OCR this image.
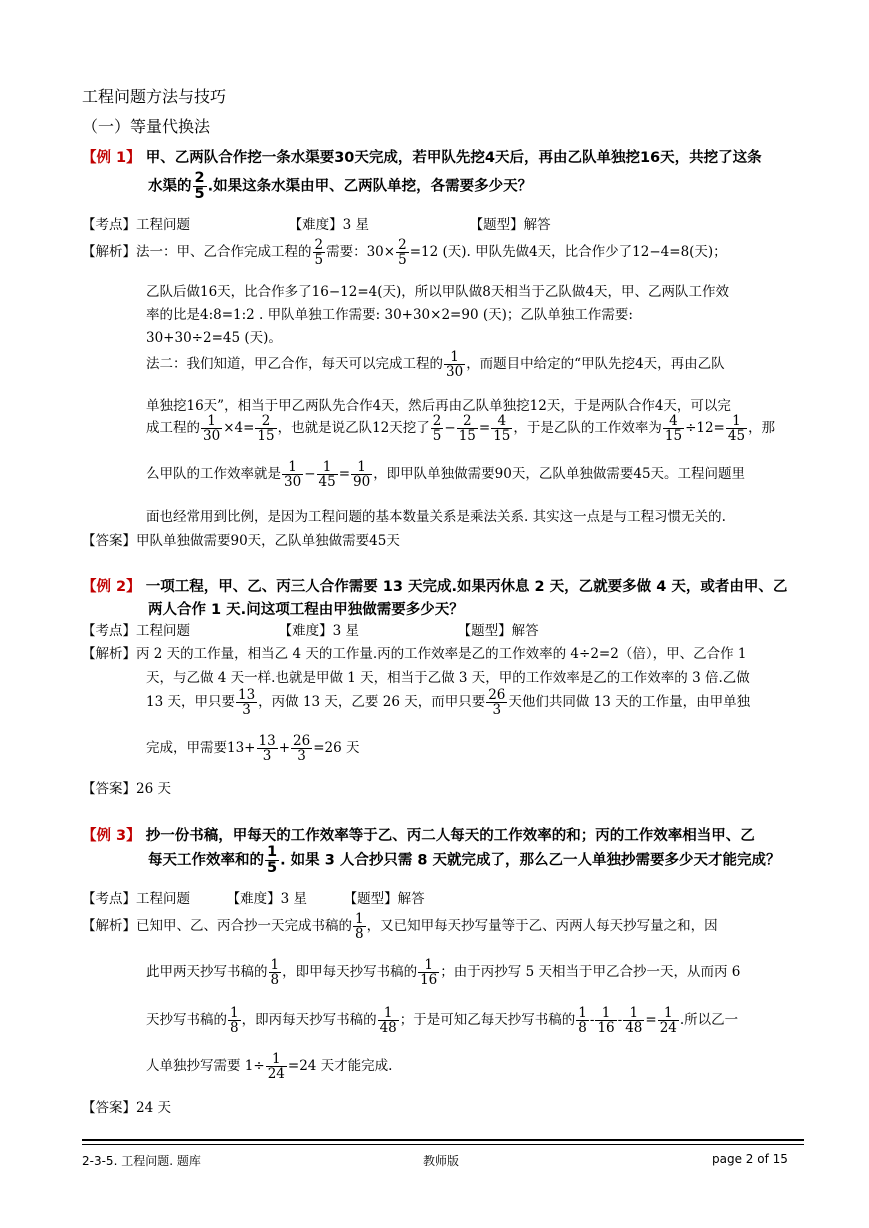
工程问题方法与技巧
（一）等量代换法
【例 1】 甲、乙两队合作挖一条水渠要30天完成，若甲队先挖4天后，再由乙队单独挖16天，共挖了这条
水渠的 $\frac{2}{5}$ .如果这条水渠由甲、乙两队单挖，各需要多少天？
【考点】工程问题	【难度】3 星	【题型】解答
【解析】法一：甲、乙合作完成工程的 $\frac{2}{5}$ 需要：$30\times \frac{2}{5} =12$ (天). 甲队先做4天，比合作少了12−4=8(天)；
乙队后做16天，比合作多了16−12=4(天)，所以甲队做8天相当于乙队做4天，甲、乙两队工作效
率的比是4:8=1:2 . 甲队单独工作需要: 30+30×2=90 (天)；乙队单独工作需要:
30+30÷2=45 (天)。
法二：我们知道，甲乙合作，每天可以完成工程的 $\frac{1}{30}$ ，而题目中给定的“甲队先挖4天，再由乙队
单独挖16天”，相当于甲乙两队先合作4天，然后再由乙队单独挖12天，于是两队合作4天，可以完
成工程的 $\frac{1}{30} \times 4= \frac{2}{15}$ ，也就是说乙队12天挖了 $\frac{2}{5} - \frac{2}{15} = \frac{4}{15}$ ，于是乙队的工作效率为 $\frac{4}{15} \div 12= \frac{1}{45}$ ，那
么甲队的工作效率就是 $\frac{1}{30} - \frac{1}{45} = \frac{1}{90}$ ，即甲队单独做需要90天，乙队单独做需要45天。工程问题里
面也经常用到比例，是因为工程问题的基本数量关系是乘法关系. 其实这一点是与工程习惯无关的.
【答案】甲队单独做需要90天，乙队单独做需要45天
【例 2】 一项工程，甲、乙、丙三人合作需要 13 天完成.如果丙休息 2 天，乙就要多做 4 天，或者由甲、乙
两人合作 1 天.问这项工程由甲独做需要多少天？
【考点】工程问题	【难度】3 星	【题型】解答
【解析】丙 2 天的工作量，相当乙 4 天的工作量.丙的工作效率是乙的工作效率的 4÷2=2（倍），甲、乙合作 1
天，与乙做 4 天一样.也就是甲做 1 天，相当于乙做 3 天，甲的工作效率是乙的工作效率的 3 倍.乙做
13 天，甲只要 $\frac{13}{3}$ ，丙做 13 天，乙要 26 天，而甲只要 $\frac{26}{3}$ 天他们共同做 13 天的工作量，由甲单独
完成，甲需要$13+ \frac{13}{3} + \frac{26}{3} =26$ 天
【答案】26 天
【例 3】 抄一份书稿，甲每天的工作效率等于乙、丙二人每天的工作效率的和；丙的工作效率相当甲、乙
每天工作效率和的 $\frac{1}{5}$ . 如果 3 人合抄只需 8 天就完成了，那么乙一人单独抄需要多少天才能完成？
【考点】工程问题	【难度】3 星	【题型】解答
【解析】已知甲、乙、丙合抄一天完成书稿的 $\frac{1}{8}$ ，又已知甲每天抄写量等于乙、丙两人每天抄写量之和，因
此甲两天抄写书稿的 $\frac{1}{8}$ ，即甲每天抄写书稿的 $\frac{1}{16}$ ；由于丙抄写 5 天相当于甲乙合抄一天，从而丙 6
天抄写书稿的 $\frac{1}{8}$ ，即丙每天抄写书稿的 $\frac{1}{48}$ ；于是可知乙每天抄写书稿的 $\frac{1}{8} - \frac{1}{16} - \frac{1}{48} = \frac{1}{24}$ .所以乙一
人单独抄写需要 $1\div \frac{1}{24} =24$ 天才能完成.
【答案】24 天
2-3-5. 工程问题. 题库	教师版	page 2 of 15
